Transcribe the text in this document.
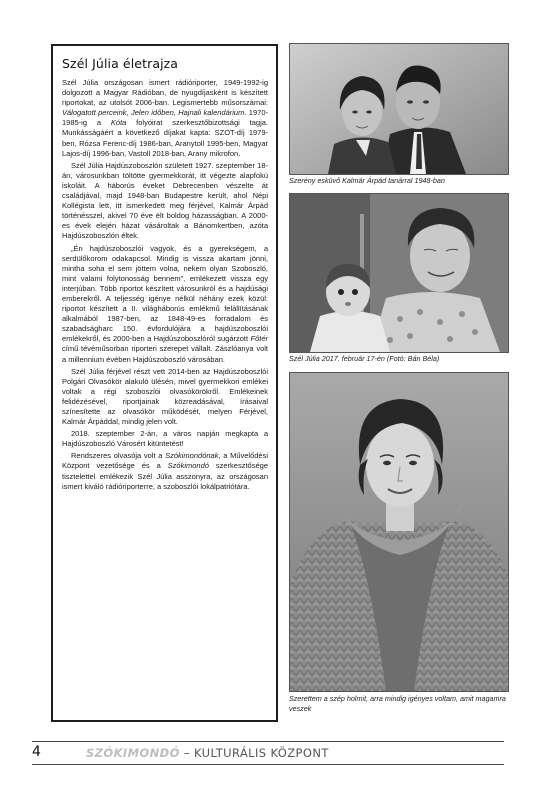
Szél Júlia életrajza

Szél Júlia országosan ismert rádióriporter, 1949-1992-ig dolgozott a Magyar Rádióban, de nyugdíjasként is készített riportokat, az utolsót 2006-ban. Legismertebb műsorszámai: Válogatott perceink, Jelen időben, Hajnali kalendárium. 1970-1985-ig a Kóta folyóirat szerkesztőbizottsági tagja. Munkásságáért a következő díjakat kapta: SZOT-díj 1979-ben, Rózsa Ferenc-díj 1986-ban, Aranytoll 1995-ben, Magyar Lajos-díj 1996-ban, Vastoll 2018-ban, Arany mikrofon.

Szél Júlia Hajdúszoboszlón született 1927. szeptember 18-án, városunkban töltötte gyermekkorát, itt végezte alapfokú iskoláit. A háborús éveket Debrecenben vészelte át családjával, majd 1948-ban Budapestre került, ahol Népi Kollégista lett, itt ismerkedett meg férjével, Kalmár Árpád történésszel, akivel 70 éve élt boldog házasságban. A 2000-es évek elején házat vásároltak a Bánomkertben, azóta Hajdúszoboszlón éltek.

„Én hajdúszoboszlói vagyok, és a gyerekségem, a serdülőkorom odakapcsol. Mindig is vissza akartam jönni, mintha soha el sem jöttem volna, nekem olyan Szoboszló, mint valami folytonosság bennem”, emlékezett vissza egy interjúban. Több riportot készített városunkról és a hajdúsági emberekről. A teljesség igénye nélkül néhány ezek közül: riportot készített a II. világháborús emlékmű felállításának alkalmából 1987-ben, az 1848-49-es forradalom és szabadságharc 150. évfordulójára a hajdúszoboszlói emlékekről, és 2000-ben a Hajdúszoboszlóról sugárzott Főtér című tévéműsorban riporteri szerepet vállalt. Zászlóanya volt a millennium évében Hajdúszoboszló városában.

Szél Júlia férjével részt vett 2014-ben az Hajdúszoboszlói Polgári Olvasókör alakuló ülésén, mivel gyermekkori emlékei voltak a régi szoboszlói olvasókörökről. Emlékeinek felidézésével, riportjainak közreadásával, írásaival színesítette az olvasókör működését, melyen Férjével, Kalmár Árpáddal, mindig jelen volt.

2018. szeptember 2-án, a város napján megkapta a Hajdúszoboszló Városért kitüntetést!

Rendszeres olvasója volt a Szókimondónak, a Művelődési Központ vezetősége és a Szókimondó szerkesztősége tisztelettel emlékezik Szél Júlia asszonyra, az országosan ismert kiváló rádióriporterre, a szoboszlói lokálpatriótára.

Szerény esküvő Kalmár Árpád tanárral 1948-ban
Szél Júlia 2017. február 17-én (Fotó: Bán Béla)
Szerettem a szép holmit, arra mindig igényes voltam, amit magamra veszek
4	SZÓKIMONDÓ – KULTURÁLIS KÖZPONT
